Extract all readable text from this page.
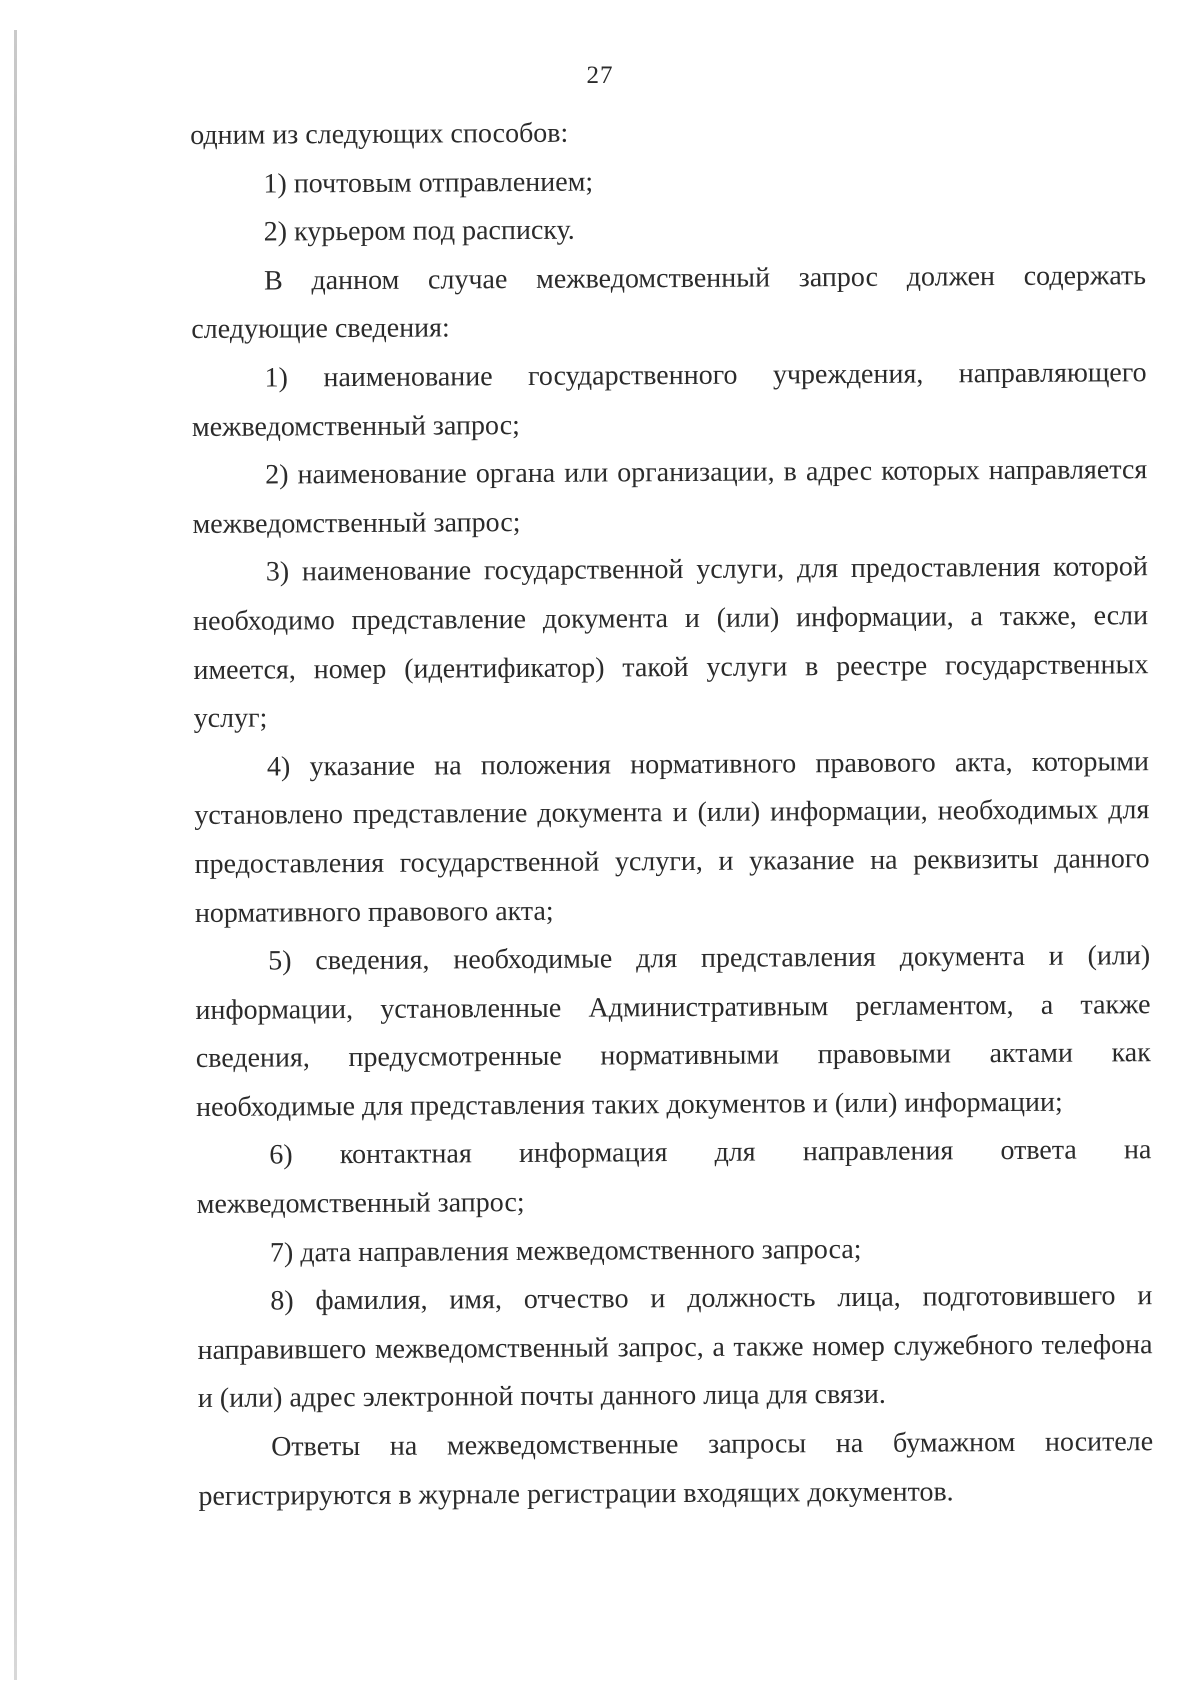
27

одним из следующих способов:

1) почтовым отправлением;

2) курьером под расписку.

В данном случае межведомственный запрос должен содержать следующие сведения:

1) наименование государственного учреждения, направляющего межведомственный запрос;

2) наименование органа или организации, в адрес которых направляется межведомственный запрос;

3) наименование государственной услуги, для предоставления которой необходимо представление документа и (или) информации, а также, если имеется, номер (идентификатор) такой услуги в реестре государственных услуг;

4) указание на положения нормативного правового акта, которыми установлено представление документа и (или) информации, необходимых для предоставления государственной услуги, и указание на реквизиты данного нормативного правового акта;

5) сведения, необходимые для представления документа и (или) информации, установленные Административным регламентом, а также сведения, предусмотренные нормативными правовыми актами как необходимые для представления таких документов и (или) информации;

6) контактная информация для направления ответа на межведомственный запрос;

7) дата направления межведомственного запроса;

8) фамилия, имя, отчество и должность лица, подготовившего и направившего межведомственный запрос, а также номер служебного телефона и (или) адрес электронной почты данного лица для связи.

Ответы на межведомственные запросы на бумажном носителе регистрируются в журнале регистрации входящих документов.
